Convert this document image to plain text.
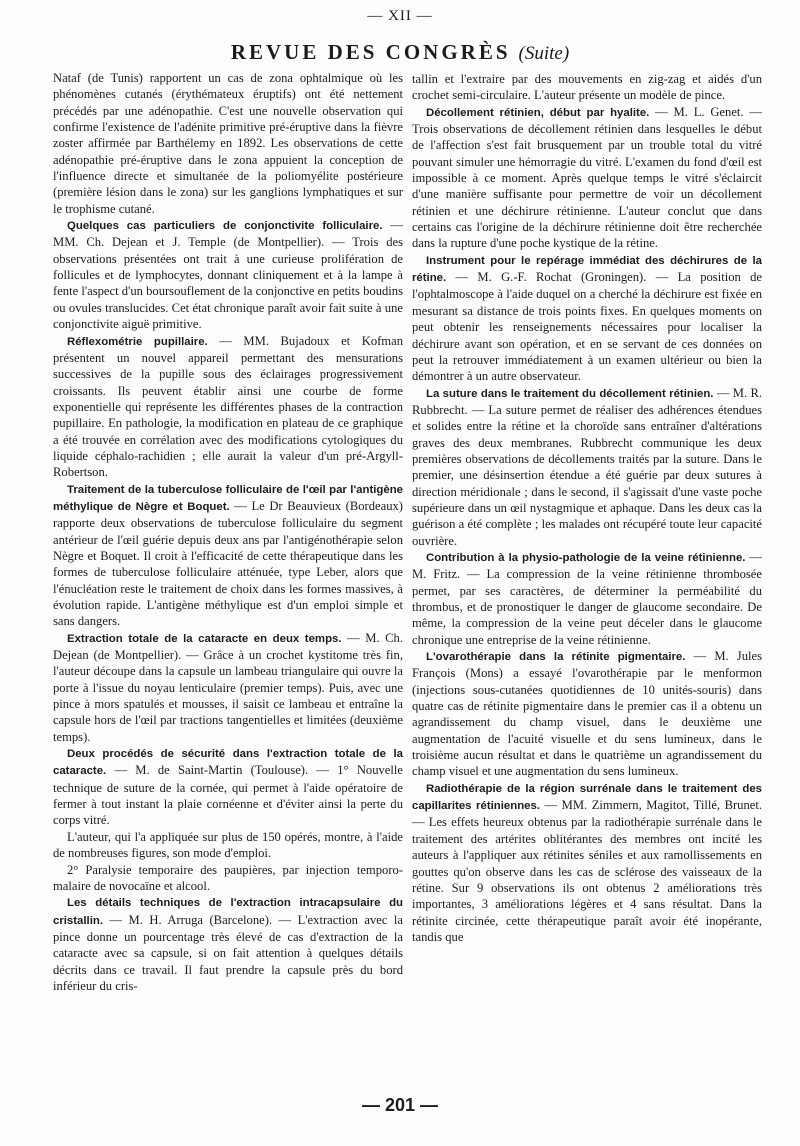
— XII —
REVUE DES CONGRÈS (Suite)

Nataf (de Tunis) rapportent un cas de zona ophtalmique où les phénomènes cutanés (érythémateux éruptifs) ont été nettement précédés par une adénopathie. C'est une nouvelle observation qui confirme l'existence de l'adénite primitive pré-éruptive dans la fièvre zoster affirmée par Barthélemy en 1892. Les observations de cette adénopathie pré-éruptive dans le zona appuient la conception de l'influence directe et simultanée de la poliomyélite postérieure (première lésion dans le zona) sur les ganglions lymphatiques et sur le trophisme cutané.

Quelques cas particuliers de conjonctivite folliculaire. — MM. Ch. Dejean et J. Temple (de Montpellier). — Trois des observations présentées ont trait à une curieuse prolifération de follicules et de lymphocytes, donnant cliniquement et à la lampe à fente l'aspect d'un boursouflement de la conjonctive en petits boudins ou ovules translucides. Cet état chronique paraît avoir fait suite à une conjonctivite aiguë primitive.

Réflexométrie pupillaire. — MM. Bujadoux et Kofman présentent un nouvel appareil permettant des mensurations successives de la pupille sous des éclairages progressivement croissants. Ils peuvent établir ainsi une courbe de forme exponentielle qui représente les différentes phases de la contraction pupillaire. En pathologie, la modification en plateau de ce graphique a été trouvée en corrélation avec des modifications cytologiques du liquide céphalo-rachidien ; elle aurait la valeur d'un pré-Argyll-Robertson.

Traitement de la tuberculose folliculaire de l'œil par l'antigène méthylique de Nègre et Boquet. — Le Dr Beauvieux (Bordeaux) rapporte deux observations de tuberculose folliculaire du segment antérieur de l'œil guérie depuis deux ans par l'antigénothérapie selon Nègre et Boquet. Il croit à l'efficacité de cette thérapeutique dans les formes de tuberculose folliculaire atténuée, type Leber, alors que l'énucléation reste le traitement de choix dans les formes massives, à évolution rapide. L'antigène méthylique est d'un emploi simple et sans dangers.

Extraction totale de la cataracte en deux temps. — M. Ch. Dejean (de Montpellier). — Grâce à un crochet kystitome très fin, l'auteur découpe dans la capsule un lambeau triangulaire qui ouvre la porte à l'issue du noyau lenticulaire (premier temps). Puis, avec une pince à mors spatulés et mousses, il saisit ce lambeau et entraîne la capsule hors de l'œil par tractions tangentielles et limitées (deuxième temps).

Deux procédés de sécurité dans l'extraction totale de la cataracte. — M. de Saint-Martin (Toulouse). — 1° Nouvelle technique de suture de la cornée, qui permet à l'aide opératoire de fermer à tout instant la plaie cornéenne et d'éviter ainsi la perte du corps vitré.

L'auteur, qui l'a appliquée sur plus de 150 opérés, montre, à l'aide de nombreuses figures, son mode d'emploi.

2° Paralysie temporaire des paupières, par injection temporo-malaire de novocaïne et alcool.

Les détails techniques de l'extraction intracapsulaire du cristallin. — M. H. Arruga (Barcelone). — L'extraction avec la pince donne un pourcentage très élevé de cas d'extraction de la cataracte avec sa capsule, si on fait attention à quelques détails décrits dans ce travail. Il faut prendre la capsule près du bord inférieur du cris-

tallin et l'extraire par des mouvements en zig-zag et aidés d'un crochet semi-circulaire. L'auteur présente un modèle de pince.

Décollement rétinien, début par hyalite. — M. L. Genet. — Trois observations de décollement rétinien dans lesquelles le début de l'affection s'est fait brusquement par un trouble total du vitré pouvant simuler une hémorragie du vitré. L'examen du fond d'œil est impossible à ce moment. Après quelque temps le vitré s'éclaircit d'une manière suffisante pour permettre de voir un décollement rétinien et une déchirure rétinienne. L'auteur conclut que dans certains cas l'origine de la déchirure rétinienne doit être recherchée dans la rupture d'une poche kystique de la rétine.

Instrument pour le repérage immédiat des déchirures de la rétine. — M. G.-F. Rochat (Groningen). — La position de l'ophtalmoscope à l'aide duquel on a cherché la déchirure est fixée en mesurant sa distance de trois points fixes. En quelques moments on peut obtenir les renseignements nécessaires pour localiser la déchirure avant son opération, et en se servant de ces données on peut la retrouver immédiatement à un examen ultérieur ou bien la démontrer à un autre observateur.

La suture dans le traitement du décollement rétinien. — M. R. Rubbrecht. — La suture permet de réaliser des adhérences étendues et solides entre la rétine et la choroïde sans entraîner d'altérations graves des deux membranes. Rubbrecht communique les deux premières observations de décollements traités par la suture. Dans le premier, une désinsertion étendue a été guérie par deux sutures à direction méridionale ; dans le second, il s'agissait d'une vaste poche supérieure dans un œil nystagmique et aphaque. Dans les deux cas la guérison a été complète ; les malades ont récupéré toute leur capacité ouvrière.

Contribution à la physio-pathologie de la veine rétinienne. — M. Fritz. — La compression de la veine rétinienne thrombosée permet, par ses caractères, de déterminer la perméabilité du thrombus, et de pronostiquer le danger de glaucome secondaire. De même, la compression de la veine peut déceler dans le glaucome chronique une entreprise de la veine rétinienne.

L'ovarothérapie dans la rétinite pigmentaire. — M. Jules François (Mons) a essayé l'ovarothérapie par le menformon (injections sous-cutanées quotidiennes de 10 unités-souris) dans quatre cas de rétinite pigmentaire dans le premier cas il a obtenu un agrandissement du champ visuel, dans le deuxième une augmentation de l'acuité visuelle et du sens lumineux, dans le troisième aucun résultat et dans le quatrième un agrandissement du champ visuel et une augmentation du sens lumineux.

Radiothérapie de la région surrénale dans le traitement des capillarites rétiniennes. — MM. Zimmern, Magitot, Tillé, Brunet. — Les effets heureux obtenus par la radiothérapie surrénale dans le traitement des artérites oblitérantes des membres ont incité les auteurs à l'appliquer aux rétinites séniles et aux ramollissements en gouttes qu'on observe dans les cas de sclérose des vaisseaux de la rétine. Sur 9 observations ils ont obtenus 2 améliorations très importantes, 3 améliorations légères et 4 sans résultat. Dans la rétinite circinée, cette thérapeutique paraît avoir été inopérante, tandis que

— 201 —
